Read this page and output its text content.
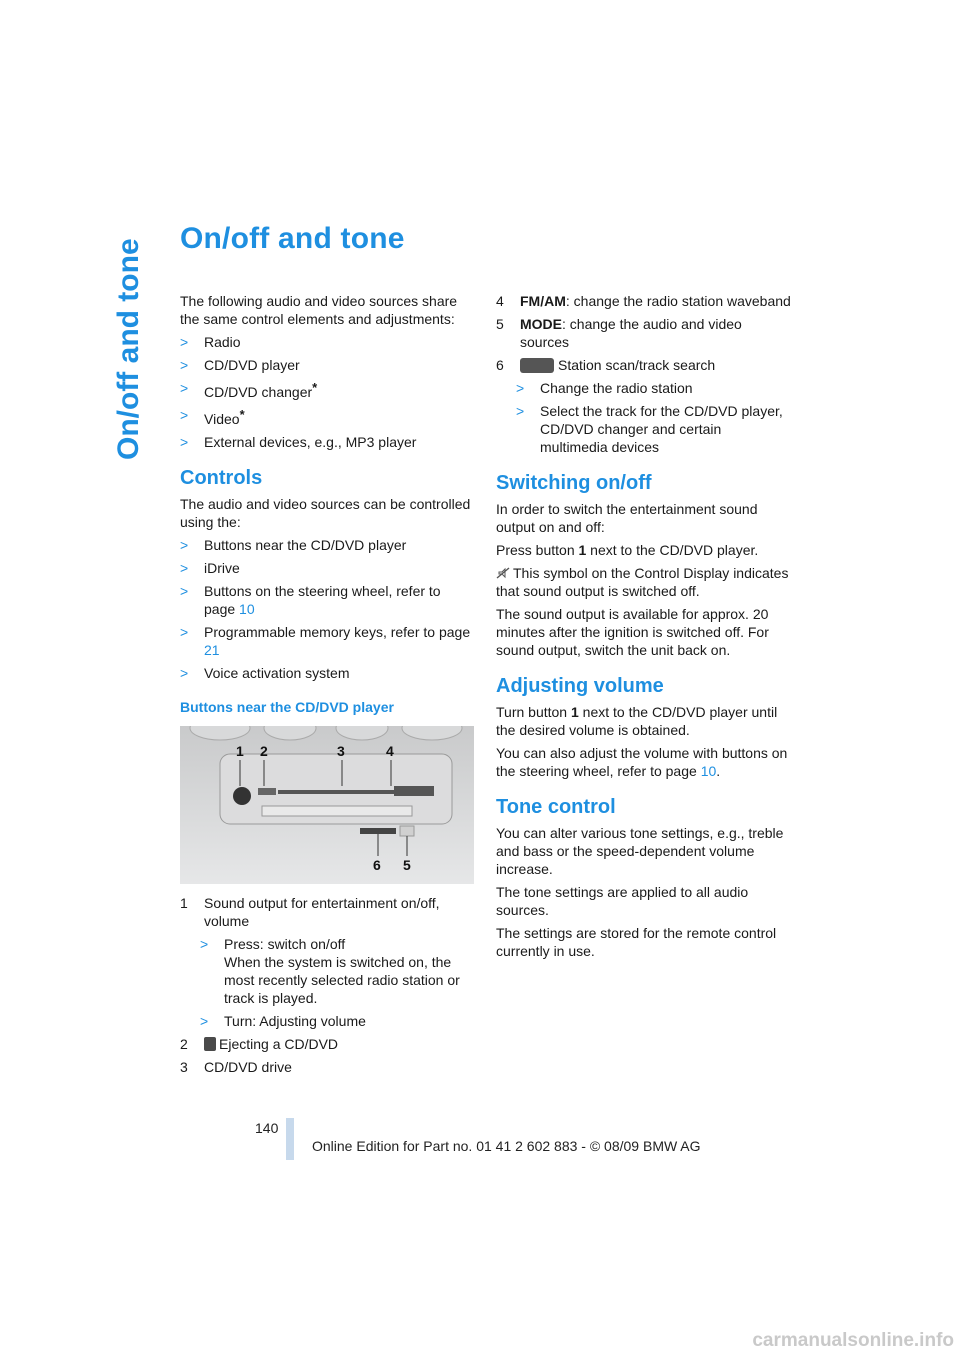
On/off and tone On/off and tone

The following audio and video sources share the same control elements and adjustments:

> Radio
> CD/DVD player
> CD/DVD changer*
> Video*
> External devices, e.g., MP3 player
Controls

The audio and video sources can be controlled using the:

> Buttons near the CD/DVD player
> iDrive
> Buttons on the steering wheel, refer to page 10
> Programmable memory keys, refer to page 21
> Voice activation system
Buttons near the CD/DVD player
1 2	3	4
6 5
1 Sound output for entertainment on/off, volume
> Press: switch on/off
When the system is switched on, the most recently selected radio station or track is played.
> Turn: Adjusting volume
2 Ejecting a CD/DVD
3 CD/DVD drive
4 FM/AM: change the radio station waveband
5 MODE: change the audio and video sources
6	Station scan/track search
> Change the radio station
> Select the track for the CD/DVD player, CD/DVD changer and certain multimedia devices
Switching on/off

In order to switch the entertainment sound output on and off:

Press button 1 next to the CD/DVD player.

This symbol on the Control Display indicates that sound output is switched off.

The sound output is available for approx. 20 minutes after the ignition is switched off. For sound output, switch the unit back on.

Adjusting volume

Turn button 1 next to the CD/DVD player until the desired volume is obtained.

You can also adjust the volume with buttons on the steering wheel, refer to page 10.

Tone control

You can alter various tone settings, e.g., treble and bass or the speed-dependent volume increase.

The tone settings are applied to all audio sources.

The settings are stored for the remote control currently in use.

140
Online Edition for Part no. 01 41 2 602 883 - © 08/09 BMW AG
carmanualsonline.info
